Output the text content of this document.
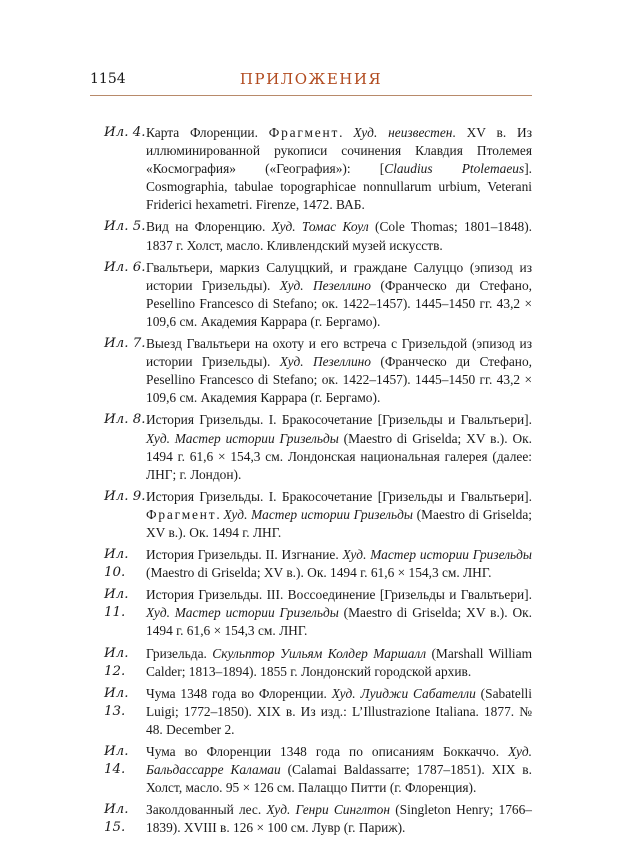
1154	ПРИЛОЖЕНИЯ
Ил. 4. Карта Флоренции. Фрагмент. Худ. неизвестен. XV в. Из иллюминированной рукописи сочинения Клавдия Птолемея «Космография» («География»): [Claudius Ptolemaeus]. Cosmographia, tabulae topographicae nonnullarum urbium, Veterani Friderici hexametri. Firenze, 1472. ВАБ.
Ил. 5. Вид на Флоренцию. Худ. Томас Коул (Cole Thomas; 1801–1848). 1837 г. Холст, масло. Кливлендский музей искусств.
Ил. 6. Гвальтьери, маркиз Салуццкий, и граждане Салуццо (эпизод из истории Гризельды). Худ. Пезеллино (Франческо ди Стефано, Pesellino Francesco di Stefano; ок. 1422–1457). 1445–1450 гг. 43,2 × 109,6 см. Академия Каррара (г. Бергамо).
Ил. 7. Выезд Гвальтьери на охоту и его встреча с Гризельдой (эпизод из истории Гризельды). Худ. Пезеллино (Франческо ди Стефано, Pesellino Francesco di Stefano; ок. 1422–1457). 1445–1450 гг. 43,2 × 109,6 см. Академия Каррара (г. Бергамо).
Ил. 8. История Гризельды. I. Бракосочетание [Гризельды и Гвальтьери]. Худ. Мастер истории Гризельды (Maestro di Griselda; XV в.). Ок. 1494 г. 61,6 × 154,3 см. Лондонская национальная галерея (далее: ЛНГ; г. Лондон).
Ил. 9. История Гризельды. I. Бракосочетание [Гризельды и Гвальтьери]. Фрагмент. Худ. Мастер истории Гризельды (Maestro di Griselda; XV в.). Ок. 1494 г. ЛНГ.
Ил. 10.
История Гризельды. II. Изгнание. Худ. Мастер истории Гризельды (Maestro di Griselda; XV в.). Ок. 1494 г. 61,6 × 154,3 см. ЛНГ.
Ил. 11.
История Гризельды. III. Воссоединение [Гризельды и Гвальтьери]. Худ. Мастер истории Гризельды (Maestro di Griselda; XV в.). Ок. 1494 г. 61,6 × 154,3 см. ЛНГ.
Ил. 12.
Гризельда. Скульптор Уильям Колдер Маршалл (Marshall William Calder; 1813–1894). 1855 г. Лондонский городской архив.
Ил. 13.
Чума 1348 года во Флоренции. Худ. Луиджи Сабателли (Sabatelli Luigi; 1772–1850). XIX в. Из изд.: L’Illustrazione Italiana. 1877. № 48. December 2.
Ил. 14.
Чума во Флоренции 1348 года по описаниям Боккаччо. Худ. Бальдассарре Каламаи (Calamai Baldassarre; 1787–1851). XIX в. Холст, масло. 95 × 126 см. Палаццо Питти (г. Флоренция).
Ил. 15.
Заколдованный лес. Худ. Генри Синглтон (Singleton Henry; 1766–1839). XVIII в. 126 × 100 см. Лувр (г. Париж).
